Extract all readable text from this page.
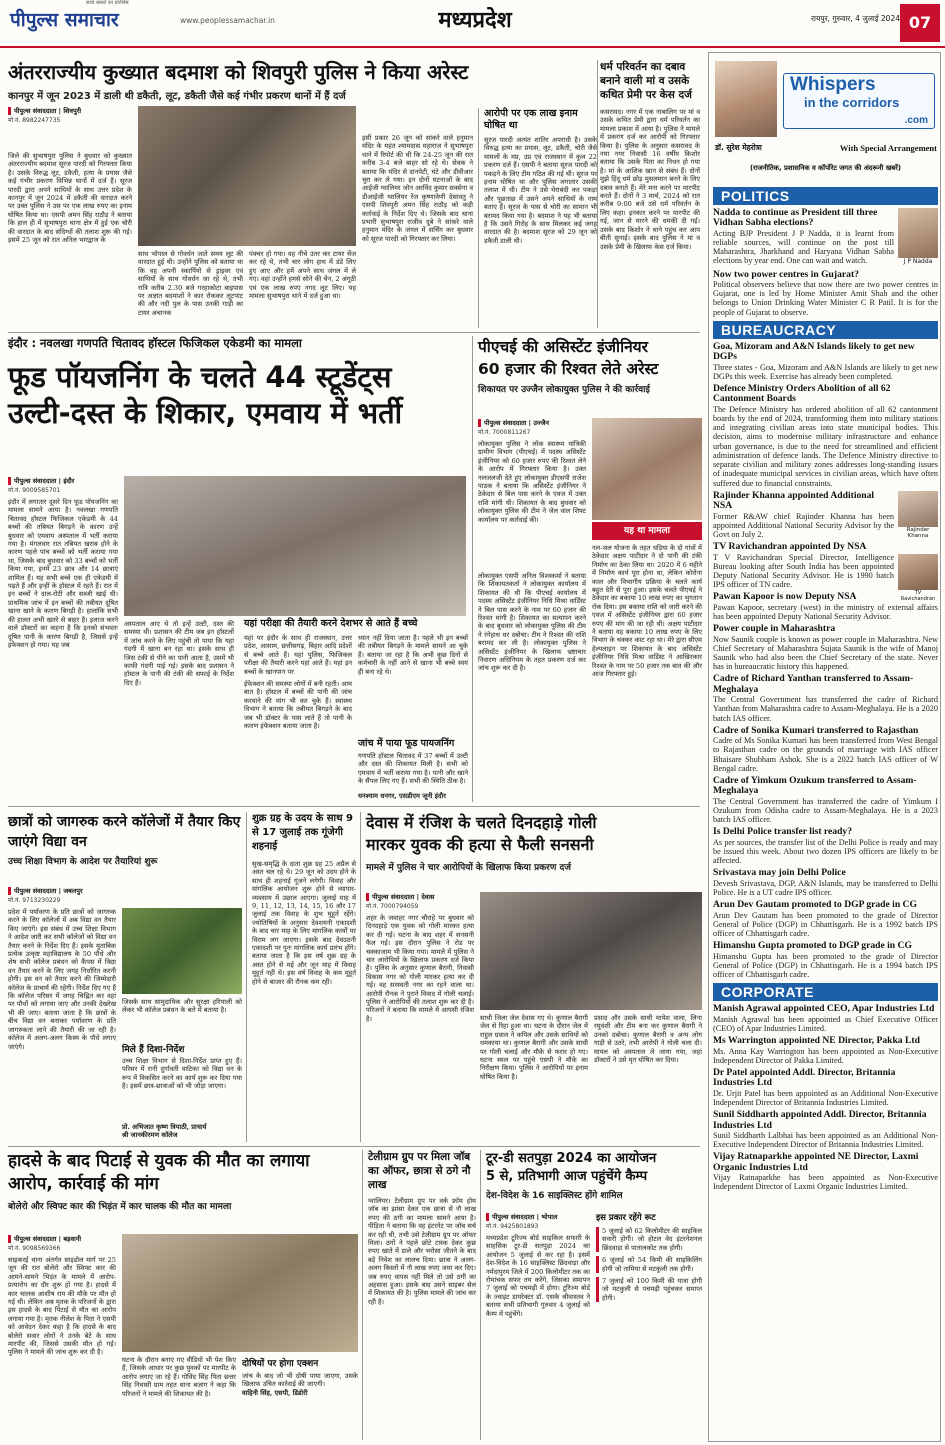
पीपुल्स समाचार
सच्चे खबरों का प्रतिबिंब
www.peoplessamachar.in	मध्यप्रदेश	रायपुर, गुरुवार, 4 जुलाई 2024 07
अंतरराज्यीय कुख्यात बदमाश को शिवपुरी पुलिस ने किया अरेस्ट
कानपुर में जून 2023 में डाली थी डकैती, लूट, डकैती जैसे कई गंभीर प्रकरण थानों में हैं दर्ज
पीपुल्स संवाददाता | शिवपुरी
मो.नं. 8982247735
जिले की सुभाषपुरा पुलिस ने बुधवार को कुख्यात अंतरराज्यीय बदमाश सूरज पारदी को गिरफ्तार किया है। उसके विरुद्ध लूट, डकैती, हत्या के प्रयास जैसे कई गंभीर प्रकरण विभिन्न थानों में दर्ज हैं। सूरज पारदी द्वारा अपने साथियों के साथ उत्तर प्रदेश के कानपुर में जून 2024 में डकैती की वारदात करने पर उक्त पुलिस ने उस पर एक लाख रुपए का इनाम घोषित किया था। एसपी अमन सिंह राठौड़ ने बताया कि हाल ही में सुभाषपुरा थाना क्षेत्र में हुई एक चोरी की वारदात के बाद संदिग्धों की तलाश शुरू की गई। इसमें 25 जून को रात अनिल भारद्वाज के
साथ भोपाल से गोवर्धन जाते समय लूट की वारदात हुई थी। उन्होंने पुलिस को बताया था कि वह अपनी स्कार्पियो से ड्राइवर एवं साथियों के साथ गोवर्धन जा रहे थे, तभी रात्रि करीब 2.30 बजे गरहाकोटा बाइपास पर अज्ञात बदमाशों ने कार रोककर लूटपाट की और नदी पुल के पास उनकी गाड़ी का टायर अचानक
पंक्चर हो गया। वह नीचे उतर कर टायर चेंज कर रहे थे, तभी चार लोग हाथ में डंडे लिए हुए आए और हमें अपने साथ जंगल में ले गए। वहां उन्होंने हमसे सोने की चेन, 2 अंगूठी एवं एक लाख रुपए नगद लूट लिए। यह मामला सुभाषपुरा थाने में दर्ज हुआ था।
इसी प्रकार 26 जून को सांकरे वाले हनुमान मंदिर के महंत श्यामदास महाराज ने सुभाषपुरा थाने में रिपोर्ट की थी कि 24-25 जून की रात करीब 3-4 बजे बाहर सो रहे थे। सेवक ने बताया कि मंदिर से दानपेटी, घंटे और डीवीआर चुरा कर ले गया। इन दोनों घटनाओं के बाद आईजी ग्वालियर जोन अरविंद कुमार सक्सेना व डीआईजी ग्वालियर रेंज कृष्णावेणी देसावतु ने एसपी शिवपुरी अमन सिंह राठौड़ को कड़ी कार्रवाई के निर्देश दिए थे। जिसके बाद थाना प्रभारी सुभाषपुरा राजीव दुबे ने सांकरे वाले हनुमान मंदिर के जंगल में सर्चिंग कर बुधवार को सूरज पारदी को गिरफ्तार कर लिया।
आरोपी पर एक लाख इनाम घोषित था
सूरज पारदी अत्यंत शातिर अपराधी है। उसके विरुद्ध हत्या का प्रयास, लूट, डकैती, चोरी जैसे मामलों के मप्र, उप्र एवं राजस्थान में कुल 22 प्रकरण दर्ज हैं। एसपी ने बताया सूरज पारदी को पकड़ने के लिए टीम गठित की गई थी। सूरज पर इनाम घोषित था और पुलिस लगातार उसकी तलाश में थी। टीम ने उसे घेराबंदी कर पकड़ा और पूछताछ में उसने अपने साथियों के नाम बताए हैं। सूरज के पास से चोरी का सामान भी बरामद किया गया है। बदमाश ने यह भी बताया है कि उसने गिरोह के साथ मिलकर कई जगह वारदात की है। बदमाश सूरज को 29 जून को डकैती डाली थी।
धर्म परिवर्तन का दबाव बनाने वाली मां व उसके कथित प्रेमी पर केस दर्ज
कसरावद। नगर में एक नाबालिग पर मां व उसके कथित प्रेमी द्वारा धर्म परिवर्तन का मामला प्रकाश में आया है। पुलिस ने मामले में प्रकरण दर्ज कर आरोपी को गिरफ्तार किया है। पुलिस के अनुसार कसरावद के नया नगर निवासी 16 वर्षीय किशोर बताया कि उसके पिता का निधन हो गया है। मां के आशिक खान से संबंध हैं। दोनों मुझे हिंदू धर्म छोड़ मुसलमान बनने के लिए दबाव बनाते हैं। मेरे मना करने पर मारपीट करते हैं। दोनों ने 3 मार्च, 2024 को रात करीब 9:00 बजे उसे धर्म परिवर्तन के लिए कहा। इनकार करने पर मारपीट की गई, जान से मारने की धमकी दी गई। उसके बाद किशोर ने थाने पहुंच कर आप बीती सुनाई। इसके बाद पुलिस ने मां व उसके प्रेमी के खिलाफ केस दर्ज किया।
इंदौर : नवलखा गणपति चितावद हॉस्टल फिजिकल एकेडमी का मामला
फूड पॉयजनिंग के चलते 44 स्टूडेंट्स
उल्टी-दस्त के शिकार, एमवाय में भर्ती
पीपुल्स संवाददाता | इंदौर
मो.नं. 9009585701
इंदौर में लगातार दूसरे दिन फूड पॉयजनिंग का मामला सामने आया है। नवलखा गणपति चितावद हॉस्टल फिजिकल एकेडमी के 44 बच्चों की तबियत बिगड़ने के कारण उन्हें बुधवार को एमवाय अस्पताल में भर्ती कराया गया है। मंगलवार रात तबियत खराब होने के कारण पहले पांच बच्चों को भर्ती कराया गया था, जिसके बाद बुधवार को 33 बच्चों को भर्ती किया गया, इनमें 23 छात्र और 14 छात्राएं शामिल हैं। यह सभी बच्चे एक ही एकेडमी में पढ़ते हैं और इन्हीं के हॉस्टल में रहते हैं। रात में इन बच्चों ने दाल-रोटी और सब्जी खाई थी। प्राथमिक जांच में इन बच्चों की तबीयत दूषित खाना खाने के कारण बिगड़ी है। हालांकि सभी की हालत अभी खतरे से बाहर है। इलाज करने वाले डॉक्टरों का कहना है कि इनको संभवतः दूषित पानी के कारण बिगड़ी है, जिससे इन्हें इंफेक्शन हो गया। यह जब
अस्पताल आए थे तो इन्हें उल्टी, दस्त की समस्या थी। प्रशासन की टीम जब इन हॉस्टलों में जांच करने के लिए पहुंची तो पाया कि यहां गंदगी में खाना बन रहा था। इसके साथ ही जिस टंकी से पीने का पानी आता है, उसमें भी काफी गंदगी पाई गई। इसके बाद प्रशासन ने हॉस्टल के पानी की टंकी की सफाई के निर्देश दिए हैं।
यहां परीक्षा की तैयारी करने देशभर से आते हैं बच्चे
यहां पर इंदौर के साथ ही राजस्थान, उत्तर प्रदेश, आसाम, छत्तीसगढ़, बिहार आदि प्रदेशों से बच्चे आते हैं। यहां पुलिस, फिजिकल परीक्षा की तैयारी करने यहां आते हैं। यहां इन बच्चों के खानपान पर
ध्यान नहीं दिया जाता है। पहले भी इन बच्चों की तबीयत बिगड़ने के मामले सामने आ चुके हैं। बताया जा रहा है कि अभी कुछ दिनों से कर्मचारी के नहीं आने से खाना भी बच्चे स्वयं ही बना रहे थे।
ईफेक्शन की समस्या लोगों में बनी रहती। आम बात है। हॉस्टल में बच्चों की पानी की जांच करवाने की मांग भी कर चुके हैं। स्वास्थ्य विभाग ने बताया कि तबीयत बिगड़ने के बाद जब भी डॉक्टर के पास लाते हैं तो पानी के कारण इंफेक्शन बताया जाता है।
जांच में पाया फूड पायजनिंग
गणपति हॉस्टल चितावद में 37 बच्चों में उल्टी और दस्त की शिकायत मिली है। सभी को एमवाय में भर्ती कराया गया है। पानी और खाने के सैंपल लिए गए हैं। सभी की स्थिति ठीक है।
धनश्याम धनगर, एसडीएम जूनी इंदौर
पीएचई की असिस्टेंट इंजीनियर
60 हजार की रिश्वत लेते अरेस्ट
शिकायत पर उज्जैन लोकायुक्त पुलिस ने की कार्रवाई
पीपुल्स संवाददाता | उज्जैन
मो.नं. 7000811267
लोकायुक्त पुलिस ने लोक स्वास्थ्य यांत्रिकी ग्रामीण विभाग (पीएचई) में पदस्थ असिस्टेंट इंजीनियर को 60 हजार रुपए की रिश्वत लेने के आरोप में गिरफ्तार किया है। उक्त नलजलजी देते हुए लोकायुक्त डीएसपी राजेश पाठक ने बताया कि असिस्टेंट इंजीनियर ने ठेकेदार से बिल पास करने के एवज में उक्त राशि मांगी थी। शिकायत के बाद बुधवार को लोकायुक्त पुलिस की टीम ने जेल वाल शिफ्ट कार्यालय पर कार्रवाई की।
लोकायुक्त एसपी अनिल विश्वकर्मा ने बताया कि शिकायतकर्ता ने लोकायुक्त कार्यालय में शिकायत की थी कि पीएचई कार्यालय में पदस्थ असिस्टेंट इंजीनियर निधि मिश्रा वार्डिस्ट ने बिल पास करने के नाम पर 60 हजार की रिश्वत मांगी है। शिकायत का सत्यापन करने के बाद बुधवार को लोकायुक्त पुलिस की टीम ने रंगेहाथ धर दबोचा। टीम ने रिश्वत की राशि बरामद कर ली है। लोकायुक्त पुलिस ने असिस्टेंट इंजीनियर के खिलाफ भ्रष्टाचार निवारण अधिनियम के तहत प्रकरण दर्ज कर जांच शुरू कर दी है।
यह था मामला
नल-जल योजना के तहत धड़िया के दो गांवों में ठेकेदार अक्षय पाटीदार ने दो पानी की टंकी निर्माण का ठेका लिया था। 2020 में 6 महीने में निर्माण कार्य पूरा होना था, लेकिन कोरोना काल और विभागीय प्रक्रिया के चलते कार्य बहुत देरी से पूरा हुआ। इसके चलते पीएचई ने ठेकेदार का बकाया 10 लाख रुपए का भुगतान रोक दिया। इस बकाया राशि को जारी करने की एवज में असिस्टेंट इंजीनियर द्वारा 60 हजार रुपए की मांग की जा रही थी। अक्षय पाटीदार ने बताया वह बकाया 10 लाख रुपए के लिए विभाग के चक्कर काट रहा था। मेरे द्वारा सीएम हेल्पलाइन पर शिकायत के बाद असिस्टेंट इंजीनियर निधि मिश्रा वार्डिस्ट ने आखिरकार रिश्वत के नाम पर 50 हजार तक बात की और आज गिरफ्तार हुई।
छात्रों को जागरुक करने कॉलेजों में तैयार किए जाएंगे विद्या वन
उच्च शिक्षा विभाग के आदेश पर तैयारियां शुरू
पीपुल्स संवाददाता | जबलपुर
मो.नं. 9713230229
प्रदेश में पर्यावरण के प्रति छात्रों को जागरुक करने के लिए कॉलेजों में अब विद्या वन तैयार किए जाएंगे। इस संबंध में उच्च शिक्षा विभाग ने आदेश जारी कर सभी कॉलेजों को विद्या वन तैयार करने के निर्देश दिए हैं। इसके मुताबिक प्रत्येक उत्कृष्ट महाविद्यालय के 50 पौधे और शेष सभी कॉलेज प्रबंधन को कैंपस में विद्या वन तैयार करने के लिए जगह निर्धारित करनी होगी। इस वन को तैयार करने की जिम्मेदारी कॉलेज के प्राचार्य की रहेगी। निर्देश दिए गए हैं कि कॉलेज परिसर में जगह चिह्नित कर वहां पर पौधों को लगाया जाए और उनकी देखरेख भी की जाए। बताया जाता है कि छात्रों के बीच विद्या वन बनाकर पर्यावरण के प्रति जागरुकता लाने की तैयारी की जा रही है। कॉलेज में अलग-अलग किस्म के पौधे लगाए जाएंगे।
जिसके साथ सामुदायिक और सुरक्षा हरियाली को लेकर भी कॉलेज प्रबंधन के बारे में बताया है।
मिले हैं दिशा-निर्देश
उच्च शिक्षा विभाग से दिशा-निर्देश प्राप्त हुए हैं। परिसर में रानी दुर्गावती वाटिका को विद्या वन के रूप में विकसित करने का कार्य शुरू कर दिया गया है। इसमें छात्र-छात्राओं को भी जोड़ा जाएगा।
प्रो. अभिजात कृष्ण त्रिपाठी, प्राचार्य
श्री जानकीरमण कॉलेज
शुक्र ग्रह के उदय के साथ 9 से 17 जुलाई तक गूंजेगी शहनाई
सुख-समृद्धि के दाता शुक्र ग्रह 25 अप्रैल से अस्त चल रहे थे। 29 जून को उदय होने के साथ ही शहनाई गूंजने लगेगी। विवाह और मांगलिक आयोजन शुरू होने से व्यापार-व्यवसाय में उछाल आएगा। जुलाई माह में 9, 11, 12, 13, 14, 15, 16 और 17 जुलाई तक विवाह के शुभ मुहूर्त रहेंगे। ज्योतिषियों के अनुसार देवशयनी एकादशी के बाद चार माह के लिए मांगलिक कार्यों पर विराम लग जाएगा। इसके बाद देवउठनी एकादशी पर पुनः मांगलिक कार्य प्रारंभ होंगे। बताया जाता है कि इस वर्ष शुक्र ग्रह के अस्त होने से मई और जून माह में विवाह मुहूर्त नहीं थे। इस वर्ष विवाह के कम मुहूर्त होने से बाजार की रौनक कम रही।
देवास में रंजिश के चलते दिनदहाड़े गोली
मारकर युवक की हत्या से फैली सनसनी
मामले में पुलिस ने चार आरोपियों के खिलाफ किया प्रकरण दर्ज
पीपुल्स संवाददाता | देवास
मो.नं. 7000794059
शहर के जवाहर नगर चौराहे पर बुधवार को दिनदहाड़े एक युवक को गोली मारकर हत्या कर दी गई। घटना के बाद शहर में सनसनी फैल गई। इस दौरान पुलिस ने रोड पर चक्काजाम भी किया गया। मामले में पुलिस ने चार आरोपियों के खिलाफ प्रकरण दर्ज किया है। पुलिस के अनुसार कुणाल बैरागी, निवासी विकास नगर को गोली मारकर हत्या कर दी गई। वह सरस्वती नगर का रहने वाला था। आरोपी रौनक ने पुराने विवाद में गोली चलाई। पुलिस ने आरोपियों की तलाश शुरू कर दी है। परिजनों ने बताया कि मामले में आपसी रंजिश है।	साथी जिला जेल देवास गए थे। कुणाल बैरागी जेल से रिहा हुआ था। घटना के दौरान जेल में राहुल ग्रवाल ने कपिल और उसके साथियों को धमकाया था। कुणाल बैरागी और उसके साथी पर गोली चलाई और मौके से फरार हो गए। घटना स्थल पर पहुंचे एसपी ने मौके का निरीक्षण किया। पुलिस ने आरोपियों पर इनाम घोषित किया है।
प्रसाद और उसके साथी मायेश वाला, लिना रघुवंशी और टीम बना कर कुणाल बैरागी ने उनको दबोचा। कुणाल बैरागी व अन्य लोग गाड़ी से उतरे, तभी आरोपी ने गोली चला दी। घायल को अस्पताल ले जाया गया, जहां डॉक्टरों ने उसे मृत घोषित कर दिया।
हादसे के बाद पिटाई से युवक की मौत का लगाया आरोप, कार्रवाई की मांग
बोलेरो और स्विफ्ट कार की भिड़ंत में कार चालक की मौत का मामला
पीपुल्स संवाददाता | बड़वानी
मो.नं. 9098569366
साइकरई थाना अंतर्गत साइडोल मार्ग पर 25 जून की रात बोलेरो और स्विफ्ट कार की आमने-सामने भिड़ंत के मामले में आरोप-प्रत्यारोप का दौर शुरू हो गया है। हादसे में कार चालक आशीष राय की मौके पर मौत हो गई थी। लेकिन अब मृतक के परिजनों के द्वारा इस हादसे के बाद पिटाई से मौत का आरोप लगाया गया है। मृतक नीलेश के पिता ने एसपी को आवेदन देकर कहा है कि हादसे के बाद बोलेरो सवार लोगों ने उनके बेटे के साथ मारपीट की, जिससे उसकी मौत हो गई। पुलिस ने मामले की जांच शुरू कर दी है।
घटना के दौरान बनाए गए वीडियो भी पेश किए हैं, जिसके आधार पर कुछ युवकों पर मारपीट के आरोप लगाए जा रहे हैं। गोविंद सिंह पिता छत्तर सिंह निवासी ग्राम तहत थाना बजाग ने कहा कि परिजनों ने मामले की शिकायत की है।
दोषियों पर होगा एक्शन
जांच के बाद जो भी दोषी पाया जाएगा, उसके खिलाफ उचित कार्रवाई की जाएगी।
वाहिनी सिंह, एसपी, डिंडोरी
टेलीग्राम ग्रुप पर मिला जॉब का ऑफर, छात्रा से ठगे नौ लाख
ग्वालियर। टेलीग्राम ग्रुप पर वर्क फ्रॉम होम जॉब का झांसा देकर एक छात्रा से नौ लाख रुपए की ठगी का मामला सामने आया है। पीड़िता ने बताया कि वह इंटरनेट पर जॉब सर्च कर रही थी, तभी उसे टेलीग्राम ग्रुप पर ऑफर मिला। ठगों ने पहले छोटे टास्क देकर कुछ रुपए खाते में डाले और भरोसा जीतने के बाद बड़े निवेश का लालच दिया। छात्रा ने अलग-अलग किस्तों में नौ लाख रुपए जमा कर दिए। जब रुपए वापस नहीं मिले तो उसे ठगी का अहसास हुआ। इसके बाद उसने साइबर सेल में शिकायत की है। पुलिस मामले की जांच कर रही है।
टूर-डी सतपुड़ा 2024 का आयोजन
5 से, प्रतिभागी आज पहुंचेंगे कैम्प
देश-विदेश के 16 साइक्लिस्ट होंगे शामिल
पीपुल्स संवाददाता | भोपाल
मो.नं. 9425801893
मध्यप्रदेश टूरिज्म बोर्ड साइकिल सफारी के साहसिक टूर-डी सतपुड़ा 2024 का आयोजन 5 जुलाई से कर रहा है। इसमें देश-विदेश के 16 साइक्लिस्ट छिंदवाड़ा और नर्मदापुरम जिले में 200 किलोमीटर तक का रोमांचक सफर तय करेंगे, जिसका समापन 7 जुलाई को पचमढ़ी में होगा। टूरिज्म बोर्ड के ज्वाइंट डायरेक्टर डॉ. एसके श्रीवास्तव ने बताया सभी प्रतिभागी गुरुवार 4 जुलाई को कैम्प में पहुंचेंगे।
इस प्रकार रहेंगे रूट
5 जुलाई को 62 किलोमीटर की साइकिल सवारी होगी। जो होटल वेद इंटरनेशनल छिंदवाड़ा से पातालकोट तक होगी।
6 जुलाई को 54 किमी की साइकिलिंग होगी जो तामिया से मटकुली तक होगी।
7 जुलाई को 100 किमी की यात्रा होगी जो मटकुली से पचमढ़ी पहुंचकर समाप्त होगी।
Whispers
in the corridors
.com
डॉ. सुरेश मेहरोत्रा	With Special Arrangement
(राजनीतिक, प्रशासनिक व कॉर्पोरेट जगत की अंदरूनी खबरें)
POLITICS
J P Nadda
Nadda to continue as President till three Vidhan Sabha elections?
Acting BJP President J P Nadda, it is learnt from reliable sources, will continue on the post till Maharashtra, Jharkhand and Haryana Vidhan Sabha elections by year end. One can wait and watch.
Now two power centres in Gujarat?
Political observers believe that now there are two power centres in Gujarat, one is led by Home Minister Amit Shah and the other belongs to Union Drinking Water Minister C R Patil. It is for the people of Gujarat to observe.
BUREAUCRACY
Goa, Mizoram and A&N Islands likely to get new DGPs
Three states - Goa, Mizoram and A&N Islands are likely to get new DGPs this week. Exercise has already been completed.
Defence Ministry Orders Abolition of all 62 Cantonment Boards
The Defence Ministry has ordered abolition of all 62 cantonment boards by the end of 2024, transforming them into military stations and integrating civilian areas into state municipal bodies. This decision, aims to modernise military infrastructure and enhance urban governance, is due to the need for streamlined and efficient administration of defence lands. The Defence Ministry directive to separate civilian and military zones addresses long-standing issues of inadequate municipal services in civilian areas, which have often suffered due to financial constraints.
Rajinder Khanna
Rajinder Khanna appointed Additional NSA
Former R&AW chief Rajinder Khanna has been appointed Additional National Security Advisor by the Govt on July 2.
TV Ravichandran
TV Ravichandran appointed Dy NSA
T V Ravichandran Special Director, Intelligence Bureau looking after South India has been appointed Deputy National Security Advisor. He is 1990 batch IPS officer of TN cadre.
Pawan Kapoor is now Deputy NSA
Pawan Kapoor, secretary (west) in the ministry of external affairs has been appointed Deputy National Security Advisor.
Power couple in Maharashtra
Now Saunik couple is known as power couple in Maharashtra. New Chief Secretary of Maharashtra Sujata Saunik is the wife of Manoj Saunik who had also been the Chief Secretary of the state. Never has in bureaucratic history this happened.
Cadre of Richard Yanthan transferred to Assam-Meghalaya
The Central Government has transferred the cadre of Richard Yanthan from Maharashtra cadre to Assam-Meghalaya. He is a 2020 batch IAS officer.
Cadre of Sonika Kumari transferred to Rajasthan
Cadre of Ms Sonika Kumari has been transferred from West Bengal to Rajasthan cadre on the grounds of marriage with IAS officer Bhaisare Shubham Ashok. She is a 2022 batch IAS officer of W Bengal cadre.
Cadre of Yimkum Ozukum transferred to Assam-Meghalaya
The Central Government has transferred the cadre of Yimkum I Ozukum from Odisha cadre to Assam-Meghalaya. He is a 2023 batch IAS officer.
Is Delhi Police transfer list ready?
As per sources, the transfer list of the Delhi Police is ready and may be issued this week. About two dozen IPS officers are likely to be affected.
Srivastava may join Delhi Police
Devesh Srivastava, DGP, A&N Islands, may be transferred to Delhi Police. He is a UT cadre IPS officer.
Arun Dev Gautam promoted to DGP grade in CG
Arun Dev Gautam has been promoted to the grade of Director General of Police (DGP) in Chhattisgarh. He is a 1992 batch IPS officer of Chhattisgarh cadre.
Himanshu Gupta promoted to DGP grade in CG
Himanshu Gupta has been promoted to the grade of Director General of Police (DGP) in Chhattisgarh. He is a 1994 batch IPS officer of Chhattisgarh cadre.
CORPORATE
Manish Agrawal appointed CEO, Apar Industries Ltd
Manish Agrawal has been appointed as Chief Executive Officer (CEO) of Apar Industries Limited.
Ms Warrington appointed NE Director, Pakka Ltd
Ms. Anna Kay Warrington has been appointed as Non-Executive Independent Director of Pakka Limited.
Dr Patel appointed Addl. Director, Britannia Industries Ltd
Dr. Urjit Patel has been appointed as an Additional Non-Executive Independent Director of Britannia Industries Limited.
Sunil Siddharth appointed Addl. Director, Britannia Industries Ltd
Sunil Siddharth Lalbhai has been appointed as an Additional Non-Executive Independent Director of Britannia Industries Limited.
Vijay Ratnaparkhe appointed NE Director, Laxmi Organic Industries Ltd
Vijay Ratnaparkhe has been appointed as Non-Executive Independent Director of Laxmi Organic Industries Limited.
